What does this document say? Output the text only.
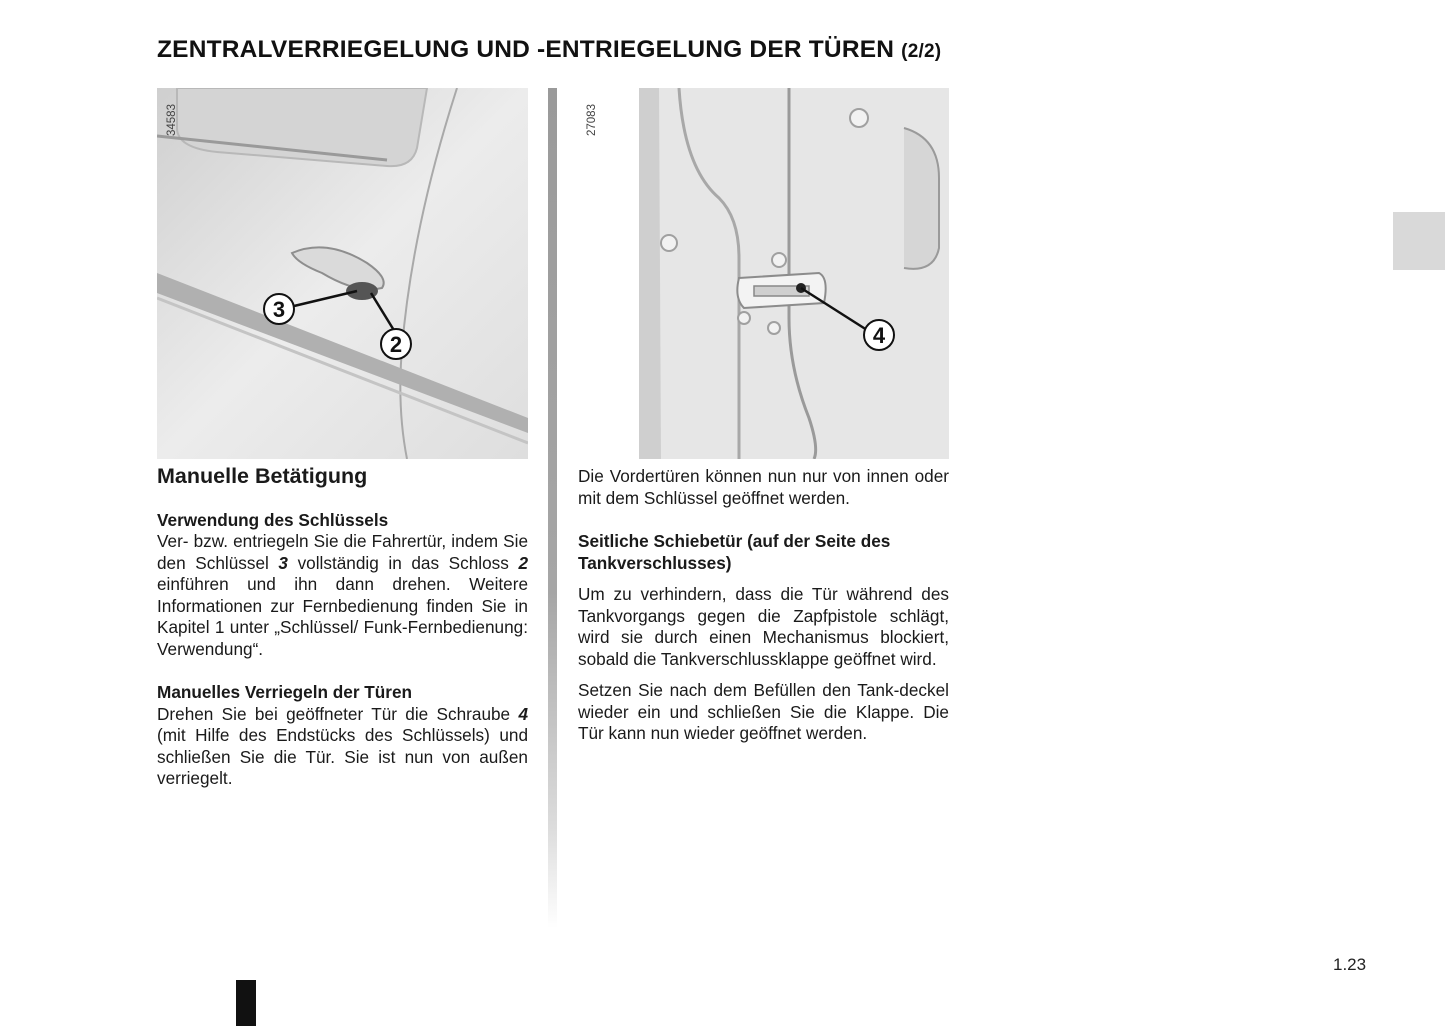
ZENTRALVERRIEGELUNG UND -ENTRIEGELUNG DER TÜREN (2/2)
3
2
34583
4
27083
Manuelle Betätigung
Verwendung des Schlüssels

Ver- bzw. entriegeln Sie die Fahrertür, indem Sie den Schlüssel 3 vollständig in das Schloss 2 einführen und ihn dann drehen. Weitere Informationen zur Fernbedienung finden Sie in Kapitel 1 unter „Schlüssel/ Funk-Fernbedienung: Verwendung“.

Manuelles Verriegeln der Türen

Drehen Sie bei geöffneter Tür die Schraube 4 (mit Hilfe des Endstücks des Schlüssels) und schließen Sie die Tür. Sie ist nun von außen verriegelt.

Die Vordertüren können nun nur von innen oder mit dem Schlüssel geöffnet werden.

Seitliche Schiebetür (auf der Seite des Tankverschlusses)

Um zu verhindern, dass die Tür während des Tankvorgangs gegen die Zapfpistole schlägt, wird sie durch einen Mechanismus blockiert, sobald die Tankverschlussklappe geöffnet wird.

Setzen Sie nach dem Befüllen den Tank-deckel wieder ein und schließen Sie die Klappe. Die Tür kann nun wieder geöffnet werden.

1.23
